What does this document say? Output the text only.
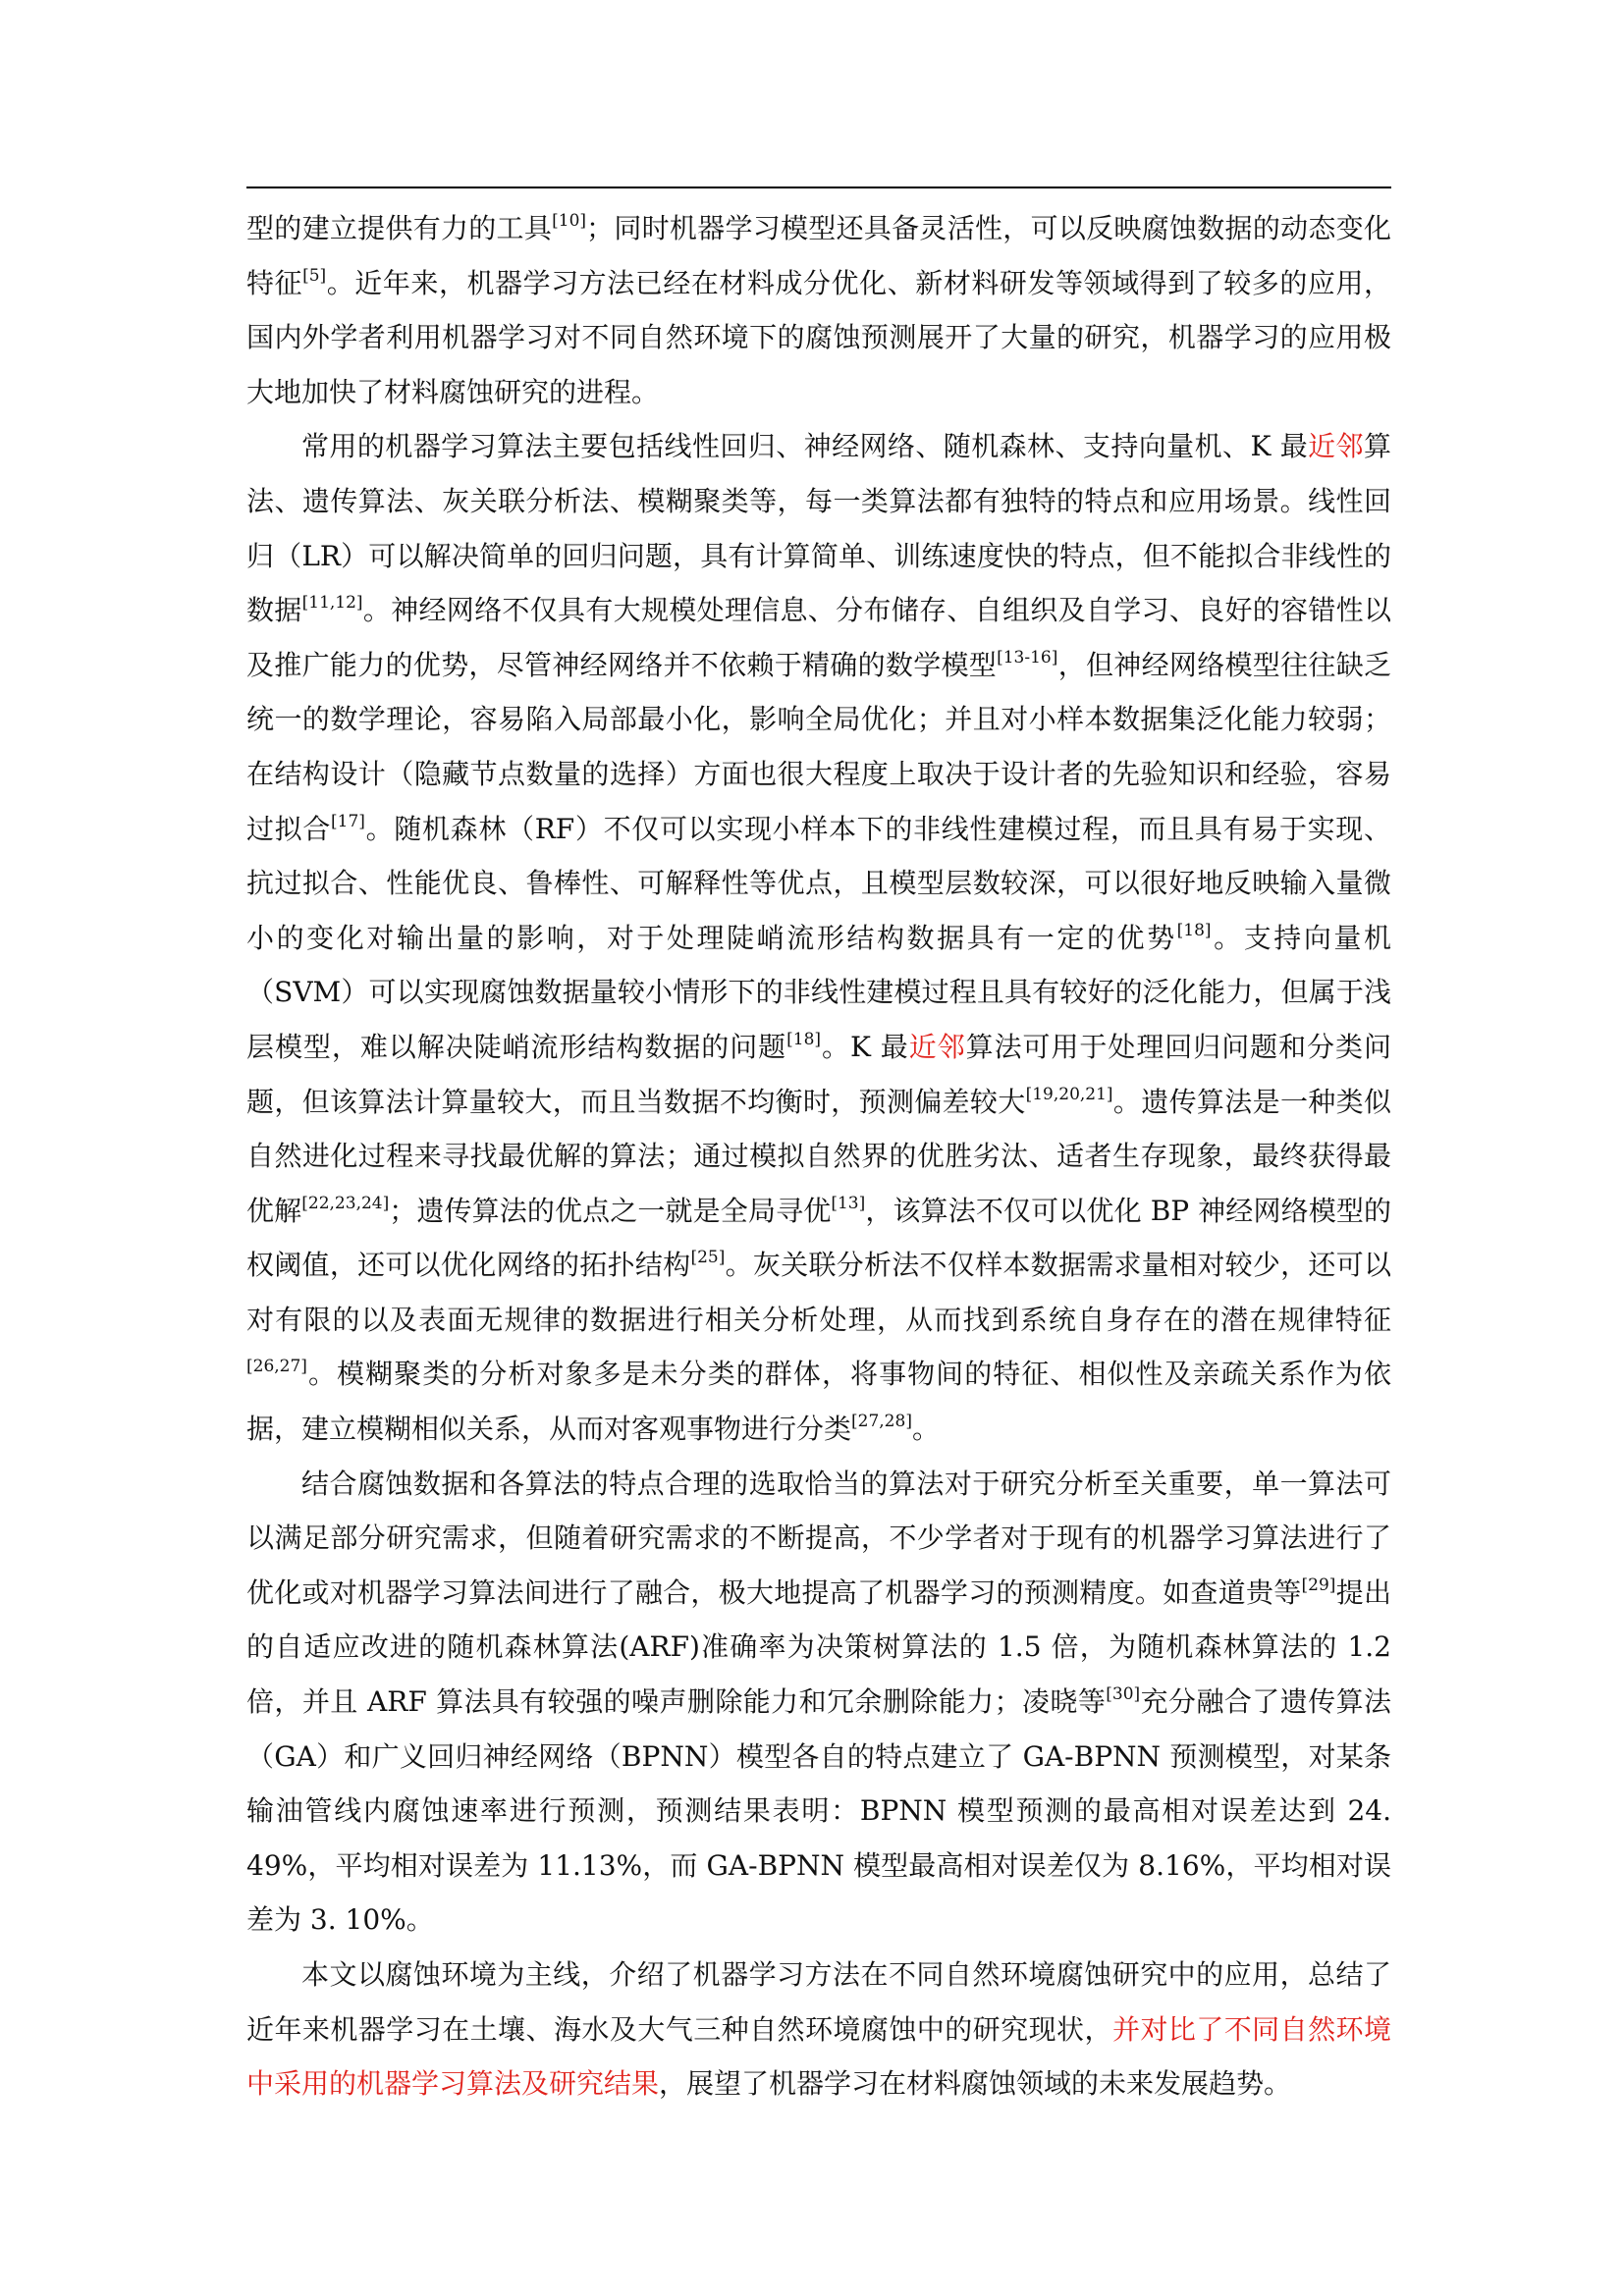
型的建立提供有力的工具[10]；同时机器学习模型还具备灵活性，可以反映腐蚀数据的动态变化特征[5]。近年来，机器学习方法已经在材料成分优化、新材料研发等领域得到了较多的应用，国内外学者利用机器学习对不同自然环境下的腐蚀预测展开了大量的研究，机器学习的应用极大地加快了材料腐蚀研究的进程。

常用的机器学习算法主要包括线性回归、神经网络、随机森林、支持向量机、K 最近邻算法、遗传算法、灰关联分析法、模糊聚类等，每一类算法都有独特的特点和应用场景。线性回归（LR）可以解决简单的回归问题，具有计算简单、训练速度快的特点，但不能拟合非线性的数据[11,12]。神经网络不仅具有大规模处理信息、分布储存、自组织及自学习、良好的容错性以及推广能力的优势，尽管神经网络并不依赖于精确的数学模型[13-16]，但神经网络模型往往缺乏统一的数学理论，容易陷入局部最小化，影响全局优化；并且对小样本数据集泛化能力较弱；在结构设计（隐藏节点数量的选择）方面也很大程度上取决于设计者的先验知识和经验，容易过拟合[17]。随机森林（RF）不仅可以实现小样本下的非线性建模过程，而且具有易于实现、抗过拟合、性能优良、鲁棒性、可解释性等优点，且模型层数较深，可以很好地反映输入量微小的变化对输出量的影响，对于处理陡峭流形结构数据具有一定的优势[18]。支持向量机（SVM）可以实现腐蚀数据量较小情形下的非线性建模过程且具有较好的泛化能力，但属于浅层模型，难以解决陡峭流形结构数据的问题[18]。K 最近邻算法可用于处理回归问题和分类问题，但该算法计算量较大，而且当数据不均衡时，预测偏差较大[19,20,21]。遗传算法是一种类似自然进化过程来寻找最优解的算法；通过模拟自然界的优胜劣汰、适者生存现象，最终获得最优解[22,23,24]；遗传算法的优点之一就是全局寻优[13]，该算法不仅可以优化 BP 神经网络模型的权阈值，还可以优化网络的拓扑结构[25]。灰关联分析法不仅样本数据需求量相对较少，还可以对有限的以及表面无规律的数据进行相关分析处理，从而找到系统自身存在的潜在规律特征[26,27]。模糊聚类的分析对象多是未分类的群体，将事物间的特征、相似性及亲疏关系作为依据，建立模糊相似关系，从而对客观事物进行分类[27,28]。

结合腐蚀数据和各算法的特点合理的选取恰当的算法对于研究分析至关重要，单一算法可以满足部分研究需求，但随着研究需求的不断提高，不少学者对于现有的机器学习算法进行了优化或对机器学习算法间进行了融合，极大地提高了机器学习的预测精度。如查道贵等[29]提出的自适应改进的随机森林算法(ARF)准确率为决策树算法的 1.5 倍，为随机森林算法的 1.2 倍，并且 ARF 算法具有较强的噪声删除能力和冗余删除能力；凌晓等[30]充分融合了遗传算法（GA）和广义回归神经网络（BPNN）模型各自的特点建立了 GA-BPNN 预测模型，对某条输油管线内腐蚀速率进行预测，预测结果表明：BPNN 模型预测的最高相对误差达到 24. 49%，平均相对误差为 11.13%，而 GA-BPNN 模型最高相对误差仅为 8.16%，平均相对误差为 3. 10%。

本文以腐蚀环境为主线，介绍了机器学习方法在不同自然环境腐蚀研究中的应用，总结了近年来机器学习在土壤、海水及大气三种自然环境腐蚀中的研究现状，并对比了不同自然环境中采用的机器学习算法及研究结果，展望了机器学习在材料腐蚀领域的未来发展趋势。
